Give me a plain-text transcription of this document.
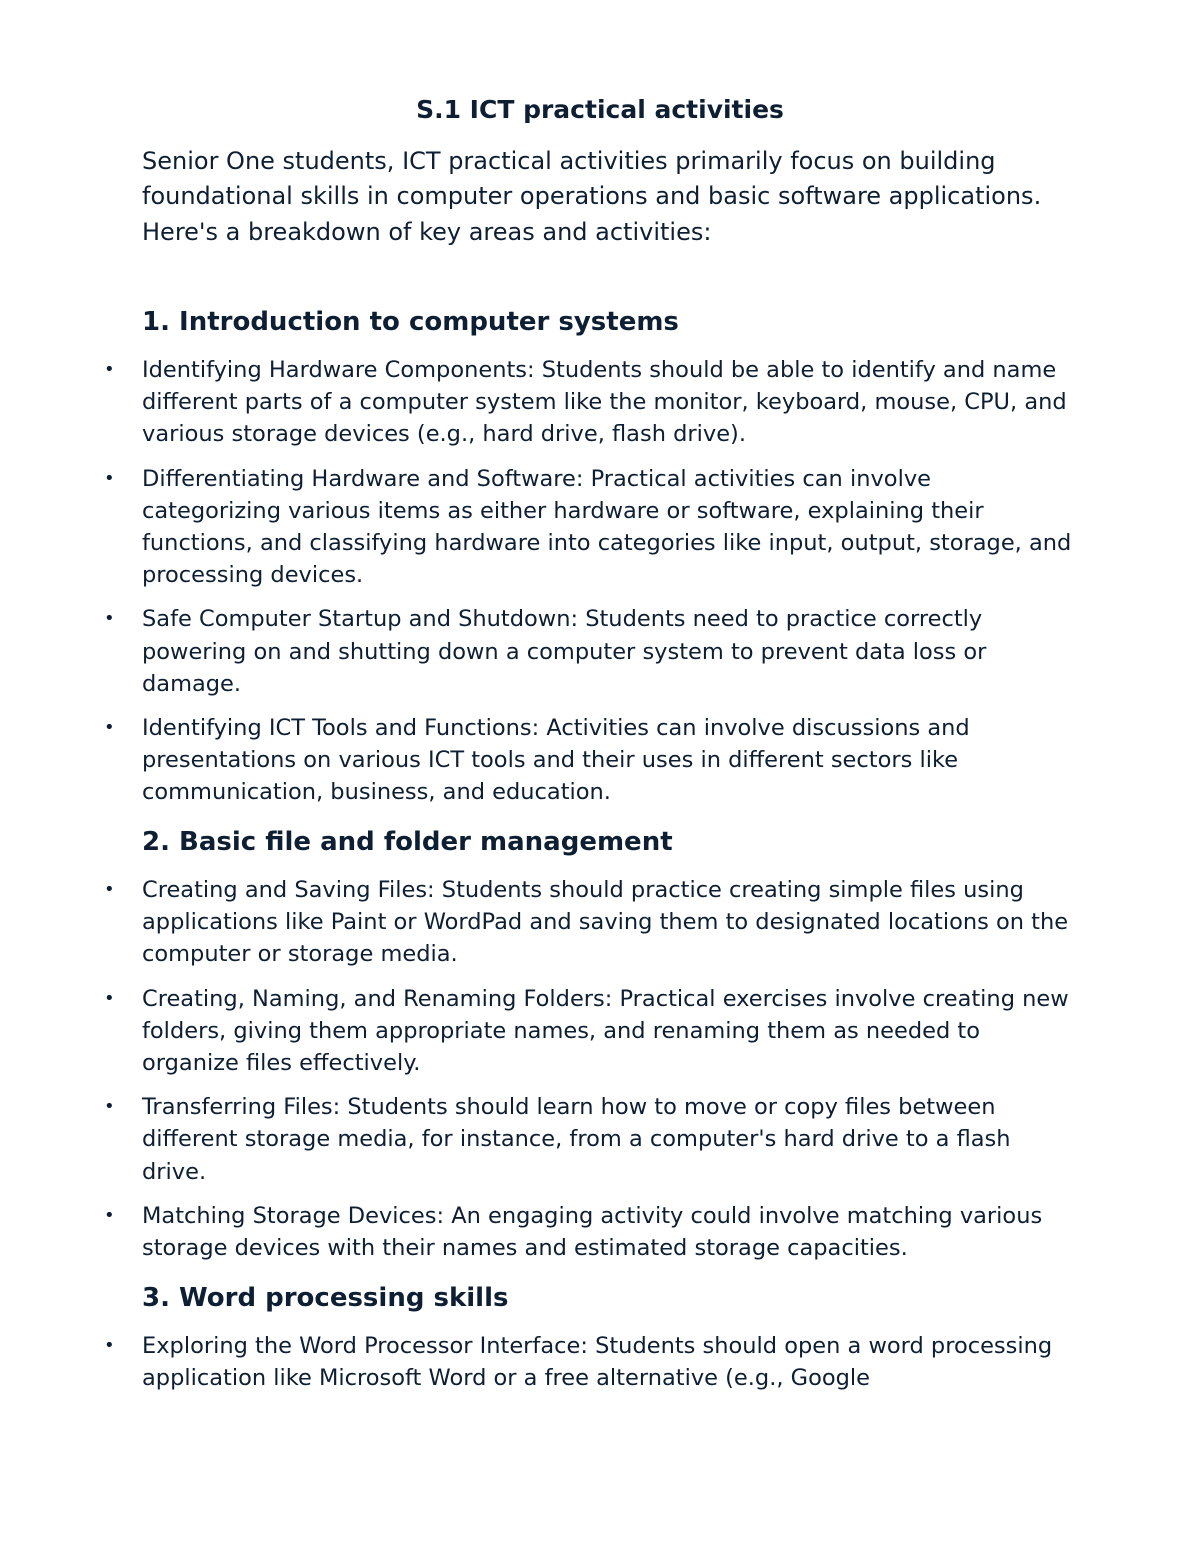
S.1 ICT practical activities

Senior One students, ICT practical activities primarily focus on building foundational skills in computer operations and basic software applications. Here's a breakdown of key areas and activities:

1. Introduction to computer systems
• Identifying Hardware Components: Students should be able to identify and name different parts of a computer system like the monitor, keyboard, mouse, CPU, and various storage devices (e.g., hard drive, flash drive).
• Differentiating Hardware and Software: Practical activities can involve categorizing various items as either hardware or software, explaining their functions, and classifying hardware into categories like input, output, storage, and processing devices.
• Safe Computer Startup and Shutdown: Students need to practice correctly powering on and shutting down a computer system to prevent data loss or damage.
• Identifying ICT Tools and Functions: Activities can involve discussions and presentations on various ICT tools and their uses in different sectors like communication, business, and education.
2. Basic file and folder management
• Creating and Saving Files: Students should practice creating simple files using applications like Paint or WordPad and saving them to designated locations on the computer or storage media.
• Creating, Naming, and Renaming Folders: Practical exercises involve creating new folders, giving them appropriate names, and renaming them as needed to organize files effectively.
• Transferring Files: Students should learn how to move or copy files between different storage media, for instance, from a computer's hard drive to a flash drive.
• Matching Storage Devices: An engaging activity could involve matching various storage devices with their names and estimated storage capacities.
3. Word processing skills
• Exploring the Word Processor Interface: Students should open a word processing application like Microsoft Word or a free alternative (e.g., Google
